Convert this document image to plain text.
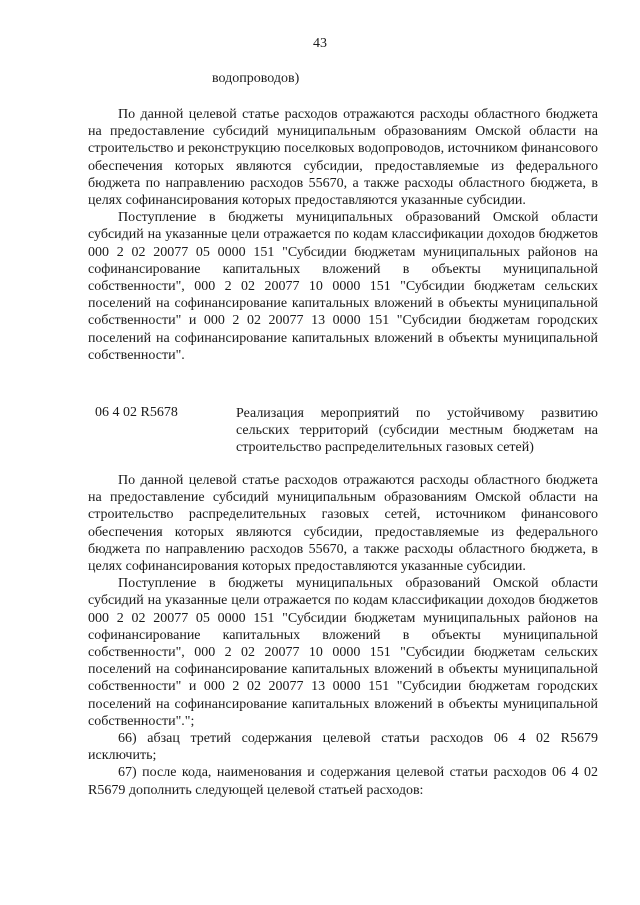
43
водопроводов)

По данной целевой статье расходов отражаются расходы областного бюджета на предоставление субсидий муниципальным образованиям Омской области на строительство и реконструкцию поселковых водопроводов, источником финансового обеспечения которых являются субсидии, предоставляемые из федерального бюджета по направлению расходов 55670, а также расходы областного бюджета, в целях софинансирования которых предоставляются указанные субсидии.

Поступление в бюджеты муниципальных образований Омской области субсидий на указанные цели отражается по кодам классификации доходов бюджетов 000 2 02 20077 05 0000 151 "Субсидии бюджетам муниципальных районов на софинансирование капитальных вложений в объекты муниципальной собственности", 000 2 02 20077 10 0000 151 "Субсидии бюджетам сельских поселений на софинансирование капитальных вложений в объекты муниципальной собственности" и 000 2 02 20077 13 0000 151 "Субсидии бюджетам городских поселений на софинансирование капитальных вложений в объекты муниципальной собственности".

06 4 02 R5678	Реализация мероприятий по устойчивому развитию сельских территорий (субсидии местным бюджетам на строительство распределительных газовых сетей)

По данной целевой статье расходов отражаются расходы областного бюджета на предоставление субсидий муниципальным образованиям Омской области на строительство распределительных газовых сетей, источником финансового обеспечения которых являются субсидии, предоставляемые из федерального бюджета по направлению расходов 55670, а также расходы областного бюджета, в целях софинансирования которых предоставляются указанные субсидии.

Поступление в бюджеты муниципальных образований Омской области субсидий на указанные цели отражается по кодам классификации доходов бюджетов 000 2 02 20077 05 0000 151 "Субсидии бюджетам муниципальных районов на софинансирование капитальных вложений в объекты муниципальной собственности", 000 2 02 20077 10 0000 151 "Субсидии бюджетам сельских поселений на софинансирование капитальных вложений в объекты муниципальной собственности" и 000 2 02 20077 13 0000 151 "Субсидии бюджетам городских поселений на софинансирование капитальных вложений в объекты муниципальной собственности".";

66) абзац третий содержания целевой статьи расходов 06 4 02 R5679 исключить;

67) после кода, наименования и содержания целевой статьи расходов 06 4 02 R5679 дополнить следующей целевой статьей расходов:
